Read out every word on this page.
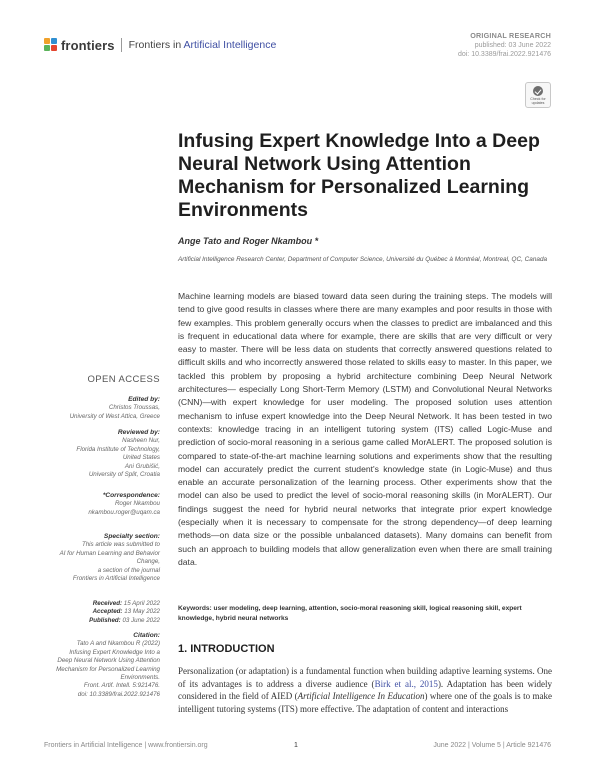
frontiers Frontiers in Artificial Intelligence
ORIGINAL RESEARCH
published: 03 June 2022
doi: 10.3389/frai.2022.921476
Check for updates
Infusing Expert Knowledge Into a Deep Neural Network Using Attention Mechanism for Personalized Learning Environments
Ange Tato and Roger Nkambou *
Artificial Intelligence Research Center, Department of Computer Science, Université du Québec à Montréal, Montreal, QC, Canada

Machine learning models are biased toward data seen during the training steps. The models will tend to give good results in classes where there are many examples and poor results in those with few examples. This problem generally occurs when the classes to predict are imbalanced and this is frequent in educational data where for example, there are skills that are very difficult or very easy to master. There will be less data on students that correctly answered questions related to difficult skills and who incorrectly answered those related to skills easy to master. In this paper, we tackled this problem by proposing a hybrid architecture combining Deep Neural Network architectures— especially Long Short-Term Memory (LSTM) and Convolutional Neural Networks (CNN)—with expert knowledge for user modeling. The proposed solution uses attention mechanism to infuse expert knowledge into the Deep Neural Network. It has been tested in two contexts: knowledge tracing in an intelligent tutoring system (ITS) called Logic-Muse and prediction of socio-moral reasoning in a serious game called MorALERT. The proposed solution is compared to state-of-the-art machine learning solutions and experiments show that the resulting model can accurately predict the current student's knowledge state (in Logic-Muse) and thus enable an accurate personalization of the learning process. Other experiments show that the model can also be used to predict the level of socio-moral reasoning skills (in MorALERT). Our findings suggest the need for hybrid neural networks that integrate prior expert knowledge (especially when it is necessary to compensate for the strong dependency—of deep learning methods—on data size or the possible unbalanced datasets). Many domains can benefit from such an approach to building models that allow generalization even when there are small training data.

Keywords: user modeling, deep learning, attention, socio-moral reasoning skill, logical reasoning skill, expert knowledge, hybrid neural networks
1. INTRODUCTION

Personalization (or adaptation) is a fundamental function when building adaptive learning systems. One of its advantages is to address a diverse audience (Birk et al., 2015). Adaptation has been widely considered in the field of AIED (Artificial Intelligence In Education) where one of the goals is to make intelligent tutoring systems (ITS) more effective. The adaptation of content and interactions

OPEN ACCESS
Edited by:
Christos Troussas,
University of West Attica, Greece
Reviewed by:
Nasheen Nur,
Florida Institute of Technology,
United States
Ani Grubišić,
University of Split, Croatia
*Correspondence:
Roger Nkambou
nkambou.roger@uqam.ca
Specialty section:
This article was submitted to
AI for Human Learning and Behavior
Change,
a section of the journal
Frontiers in Artificial Intelligence
Received: 15 April 2022
Accepted: 13 May 2022
Published: 03 June 2022
Citation:
Tato A and Nkambou R (2022)
Infusing Expert Knowledge Into a
Deep Neural Network Using Attention
Mechanism for Personalized Learning
Environments.
Front. Artif. Intell. 5:921476.
doi: 10.3389/frai.2022.921476
Frontiers in Artificial Intelligence | www.frontiersin.org	1	June 2022 | Volume 5 | Article 921476
